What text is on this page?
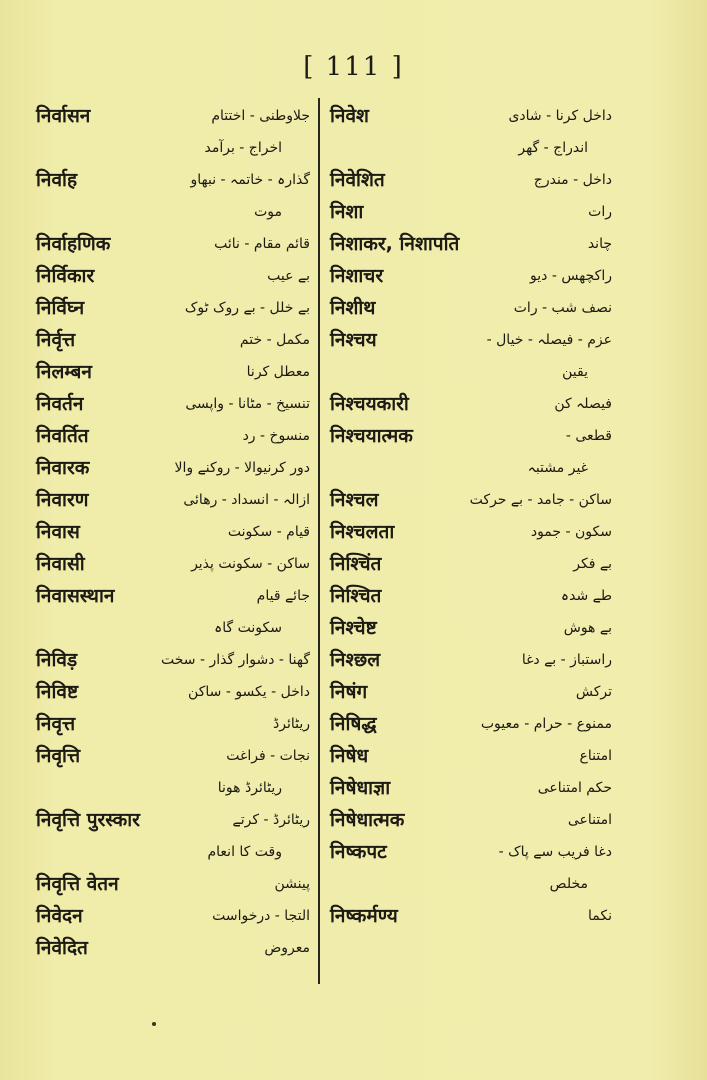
[ 111 ]
निर्वासन	جلاوطنی - اختتام
اخراج - برآمد
निर्वाह	گذارہ - خاتمہ - نبھاو
موت
निर्वाहणिक	قائم مقام - نائب
निर्विकार	بے عیب
निर्विघ्न	بے خلل - بے روک ٹوک
निर्वृत्त	مکمل - ختم
निलम्बन	معطل کرنا
निवर्तन	تنسیخ - مٹانا - واپسی
निवर्तित	منسوخ - رد
निवारक	دور کرنیوالا - روکنے والا
निवारण	ازالہ - انسداد - رھائی
निवास	قیام - سکونت
निवासी	ساکن - سکونت پذیر
निवासस्थान	جائے قیام
سکونت گاہ
निविड़	گھنا - دشوار گذار - سخت
निविष्ट	داخل - یکسو - ساکن
निवृत्त	ریٹائرڈ
निवृत्ति	نجات - فراغت
ریٹائرڈ ھونا
निवृत्ति पुरस्कार	ریٹائرڈ - کرتے
وقت کا انعام
निवृत्ति वेतन	پینشن
निवेदन	التجا - درخواست
निवेदित	معروض
निवेश	داخل کرنا - شادی
اندراج - گھر
निवेशित	داخل - مندرج
निशा	رات
निशाकर, निशापति	چاند
निशाचर	راکچھس - دیو
निशीथ	نصف شب - رات
निश्चय	عزم - فیصلہ - خیال -
یقین
निश्चयकारी	فیصلہ کن
निश्चयात्मक	قطعی -
غیر مشتبہ
निश्चल	ساکن - جامد - بے حرکت
निश्चलता	سکون - جمود
निश्चिंत	بے فکر
निश्चित	طے شدہ
निश्चेष्ट	بے ھوش
निश्छल	راستباز - بے دغا
निषंग	ترکش
निषिद्ध	ممنوع - حرام - معیوب
निषेध	امتناع
निषेधाज्ञा	حکم امتناعی
निषेधात्मक	امتناعی
निष्कपट	دغا فریب سے پاک -
مخلص
निष्कर्मण्य	نکما
